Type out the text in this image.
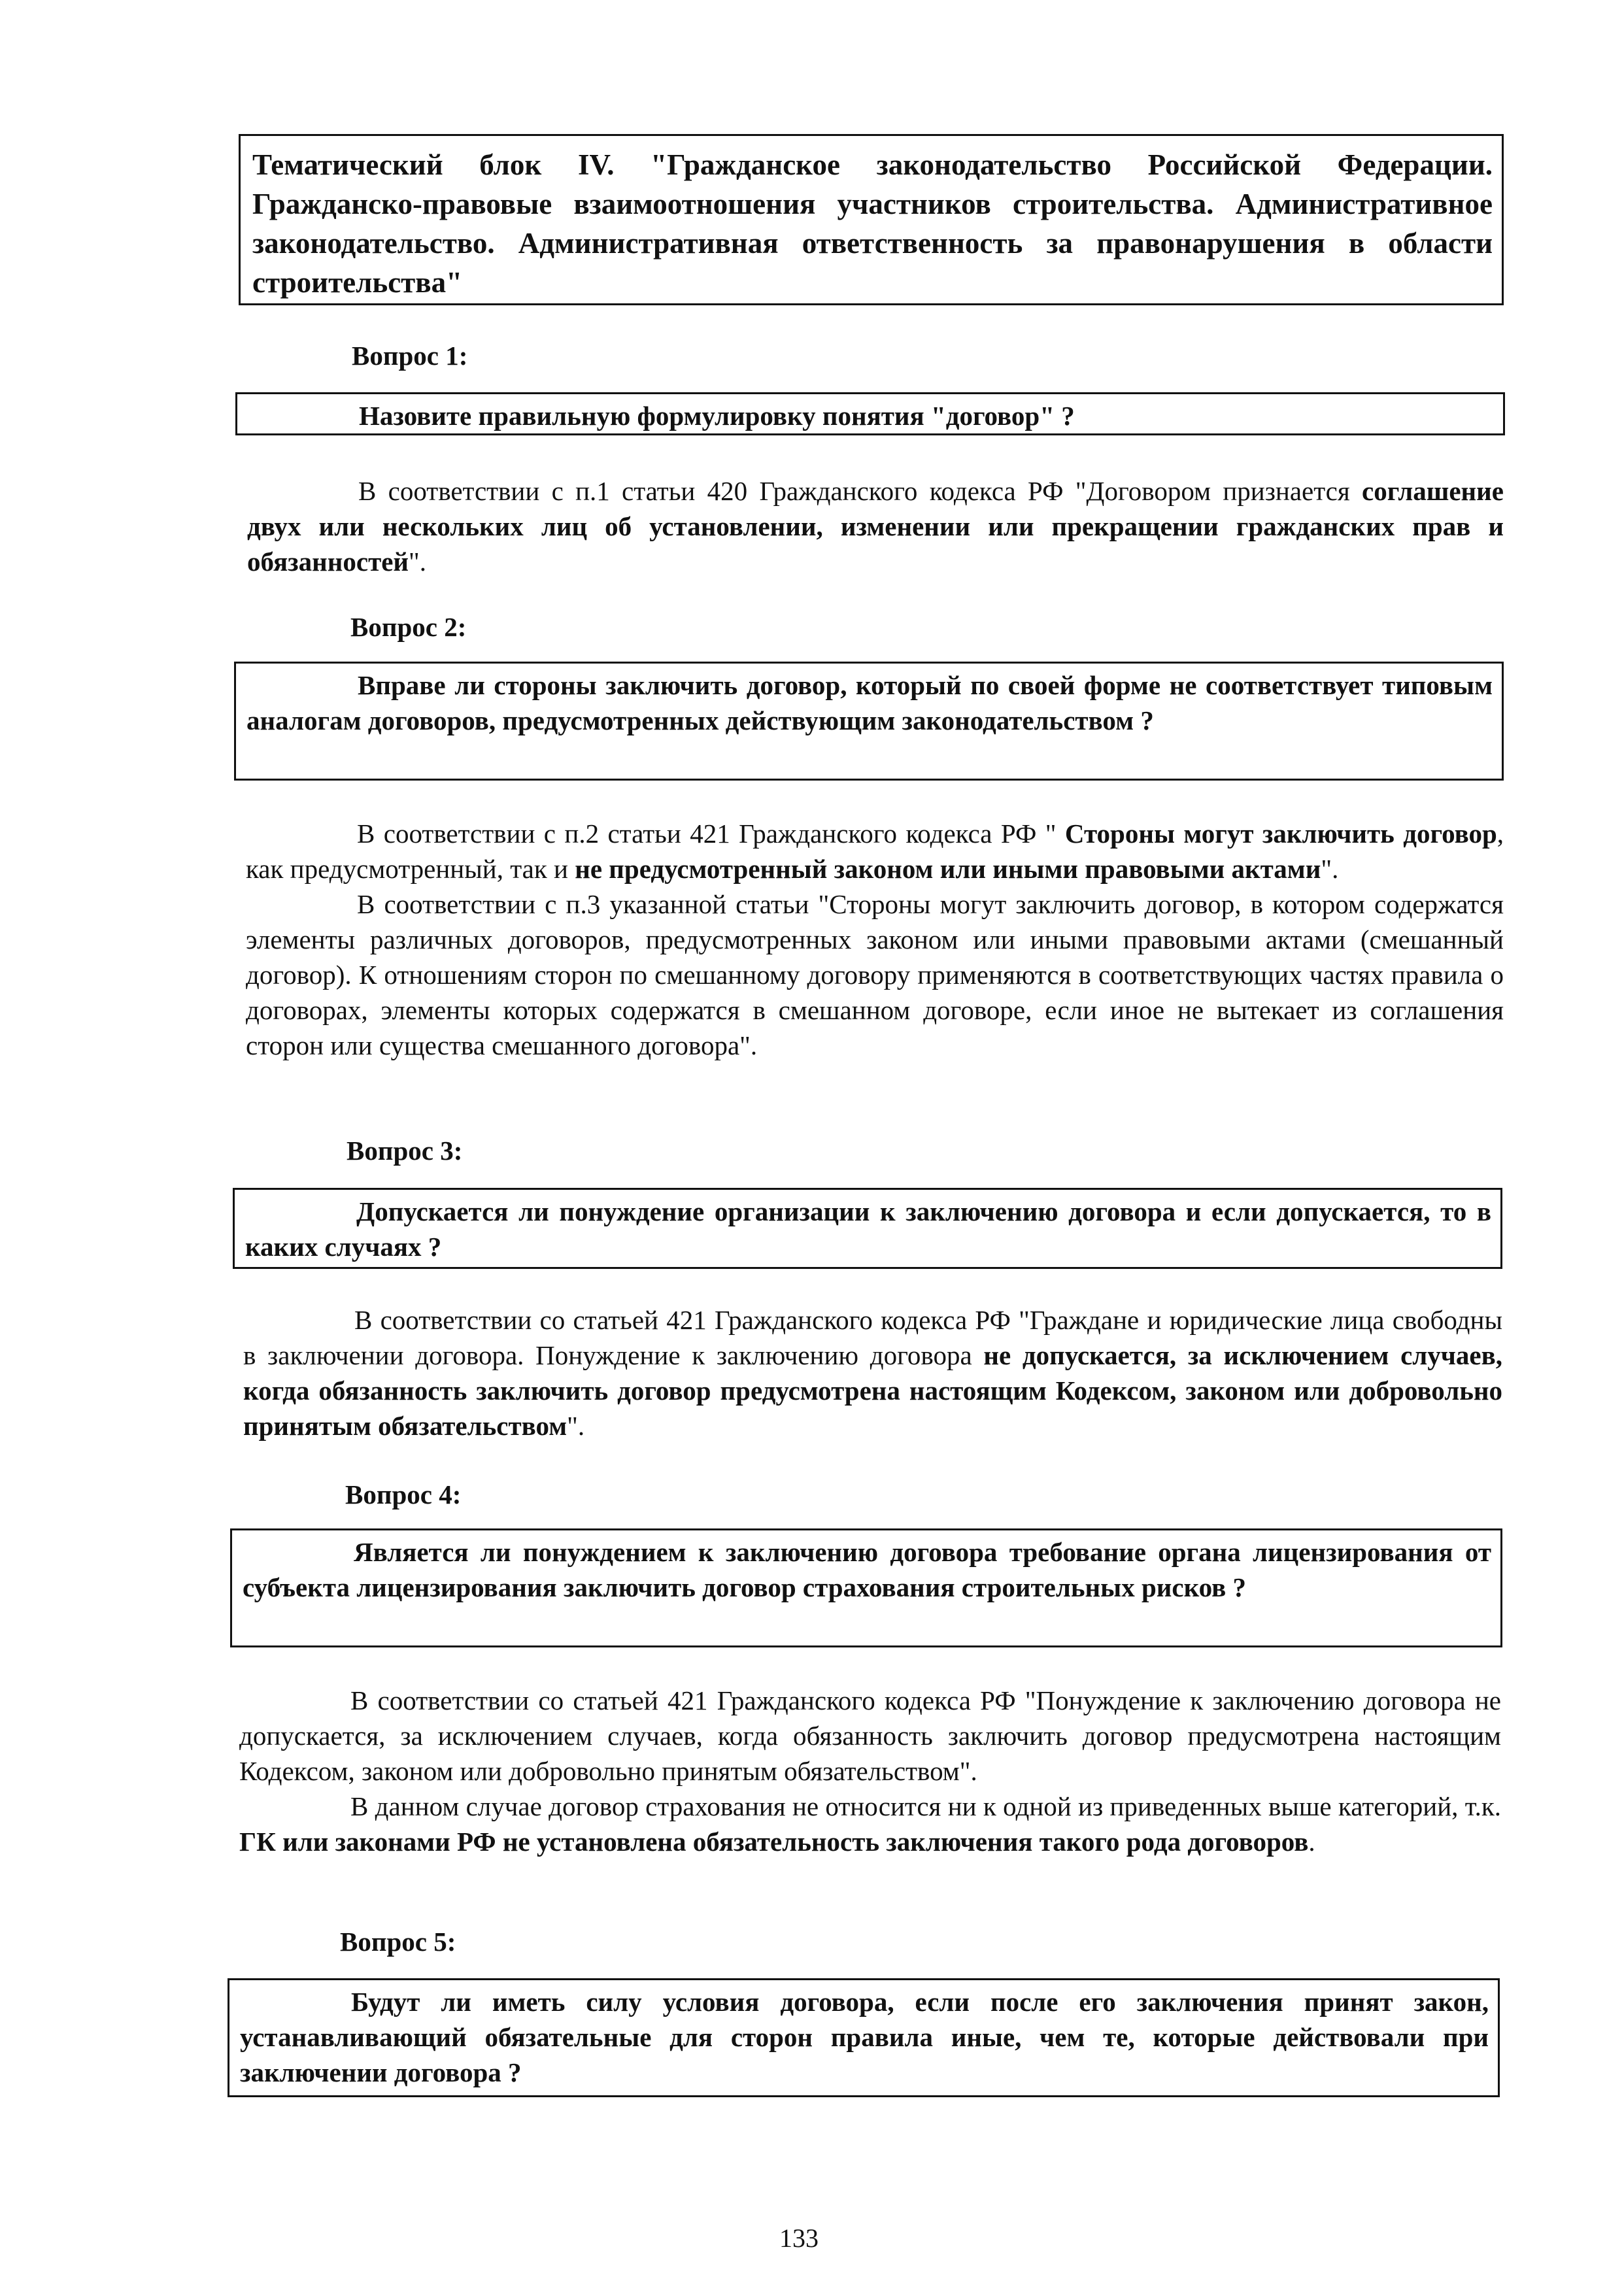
Тематический блок IV. "Гражданское законодательство Российской Федерации. Гражданско-правовые взаимоотношения участников строительства. Административное законодательство. Административная ответственность за правонарушения в области строительства"
Вопрос 1:
Назовите правильную формулировку понятия "договор" ?

В соответствии с п.1 статьи 420 Гражданского кодекса РФ "Договором признается соглашение двух или нескольких лиц об установлении, изменении или прекращении гражданских прав и обязанностей".

Вопрос 2:
Вправе ли стороны заключить договор, который по своей форме не соответствует типовым аналогам договоров, предусмотренных действующим законодательством ?

В соответствии с п.2 статьи 421 Гражданского кодекса РФ " Стороны могут заключить договор, как предусмотренный, так и не предусмотренный законом или иными правовыми актами".

В соответствии с п.3 указанной статьи "Стороны могут заключить договор, в котором содержатся элементы различных договоров, предусмотренных законом или иными правовыми актами (смешанный договор). К отношениям сторон по смешанному договору применяются в соответствующих частях правила о договорах, элементы которых содержатся в смешанном договоре, если иное не вытекает из соглашения сторон или существа смешанного договора".

Вопрос 3:
Допускается ли понуждение организации к заключению договора и если допускается, то в каких случаях ?

В соответствии со статьей 421 Гражданского кодекса РФ "Граждане и юридические лица свободны в заключении договора. Понуждение к заключению договора не допускается, за исключением случаев, когда обязанность заключить договор предусмотрена настоящим Кодексом, законом или добровольно принятым обязательством".

Вопрос 4:
Является ли понуждением к заключению договора требование органа лицензирования от субъекта лицензирования заключить договор страхования строительных рисков ?

В соответствии со статьей 421 Гражданского кодекса РФ "Понуждение к заключению договора не допускается, за исключением случаев, когда обязанность заключить договор предусмотрена настоящим Кодексом, законом или добровольно принятым обязательством".

В данном случае договор страхования не относится ни к одной из приведенных выше категорий, т.к. ГК или законами РФ не установлена обязательность заключения такого рода договоров.

Вопрос 5:
Будут ли иметь силу условия договора, если после его заключения принят закон, устанавливающий обязательные для сторон правила иные, чем те, которые действовали при заключении договора ?
133
